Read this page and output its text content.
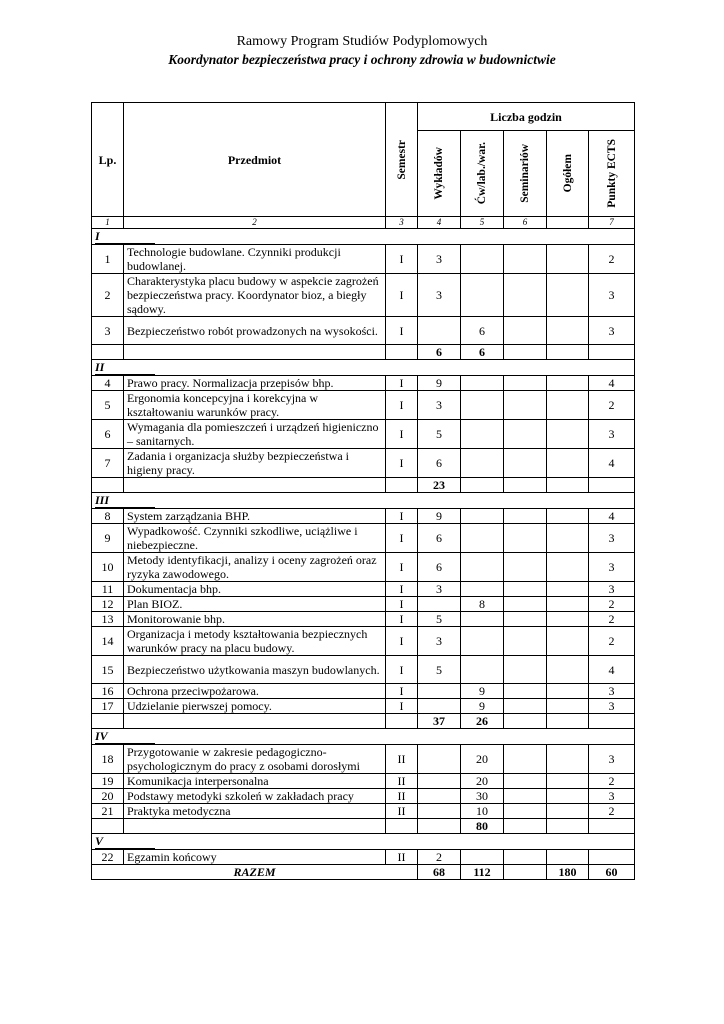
Ramowy Program Studiów Podyplomowych
Koordynator bezpieczeństwa pracy i ochrony zdrowia w budownictwie
Lp.	Przedmiot	Semestr	Liczba godzin				

			Wykładów	Ćw/lab./war.	Seminariów	Ogółem	Punkty ECTS

1	2	3	4	5	6		7
I							
1	Technologie budowlane. Czynniki produkcji budowlanej.	I	3				2
2	Charakterystyka placu budowy w aspekcie zagrożeń bezpieczeństwa pracy. Koordynator bioz, a biegły sądowy.	I	3				3
3	Bezpieczeństwo robót prowadzonych na wysokości.	I		6			3
			6	6			
II							
4	Prawo pracy. Normalizacja przepisów bhp.	I	9				4
5	Ergonomia koncepcyjna i korekcyjna w kształtowaniu warunków pracy.	I	3				2
6	Wymagania dla pomieszczeń i urządzeń higieniczno – sanitarnych.	I	5				3
7	Zadania i organizacja służby bezpieczeństwa i higieny pracy.	I	6				4
			23				
III							
8	System zarządzania BHP.	I	9				4
9	Wypadkowość. Czynniki szkodliwe, uciążliwe i niebezpieczne.	I	6				3
10	Metody identyfikacji, analizy i oceny zagrożeń oraz ryzyka zawodowego.	I	6				3
11	Dokumentacja bhp.	I	3				3
12	Plan BIOZ.	I		8			2
13	Monitorowanie bhp.	I	5				2
14	Organizacja i metody kształtowania bezpiecznych warunków pracy na placu budowy.	I	3				2
15	Bezpieczeństwo użytkowania maszyn budowlanych.	I	5				4
16	Ochrona przeciwpożarowa.	I		9			3
17	Udzielanie pierwszej pomocy.	I		9			3
			37	26			
IV							
18	Przygotowanie w zakresie pedagogiczno-psychologicznym do pracy z osobami dorosłymi	II		20			3
19	Komunikacja interpersonalna	II		20			2
20	Podstawy metodyki szkoleń w zakładach pracy	II		30			3
21	Praktyka metodyczna	II		10			2
				80			
V							
22	Egzamin końcowy	II	2				
RAZEM			68	112		180	60
